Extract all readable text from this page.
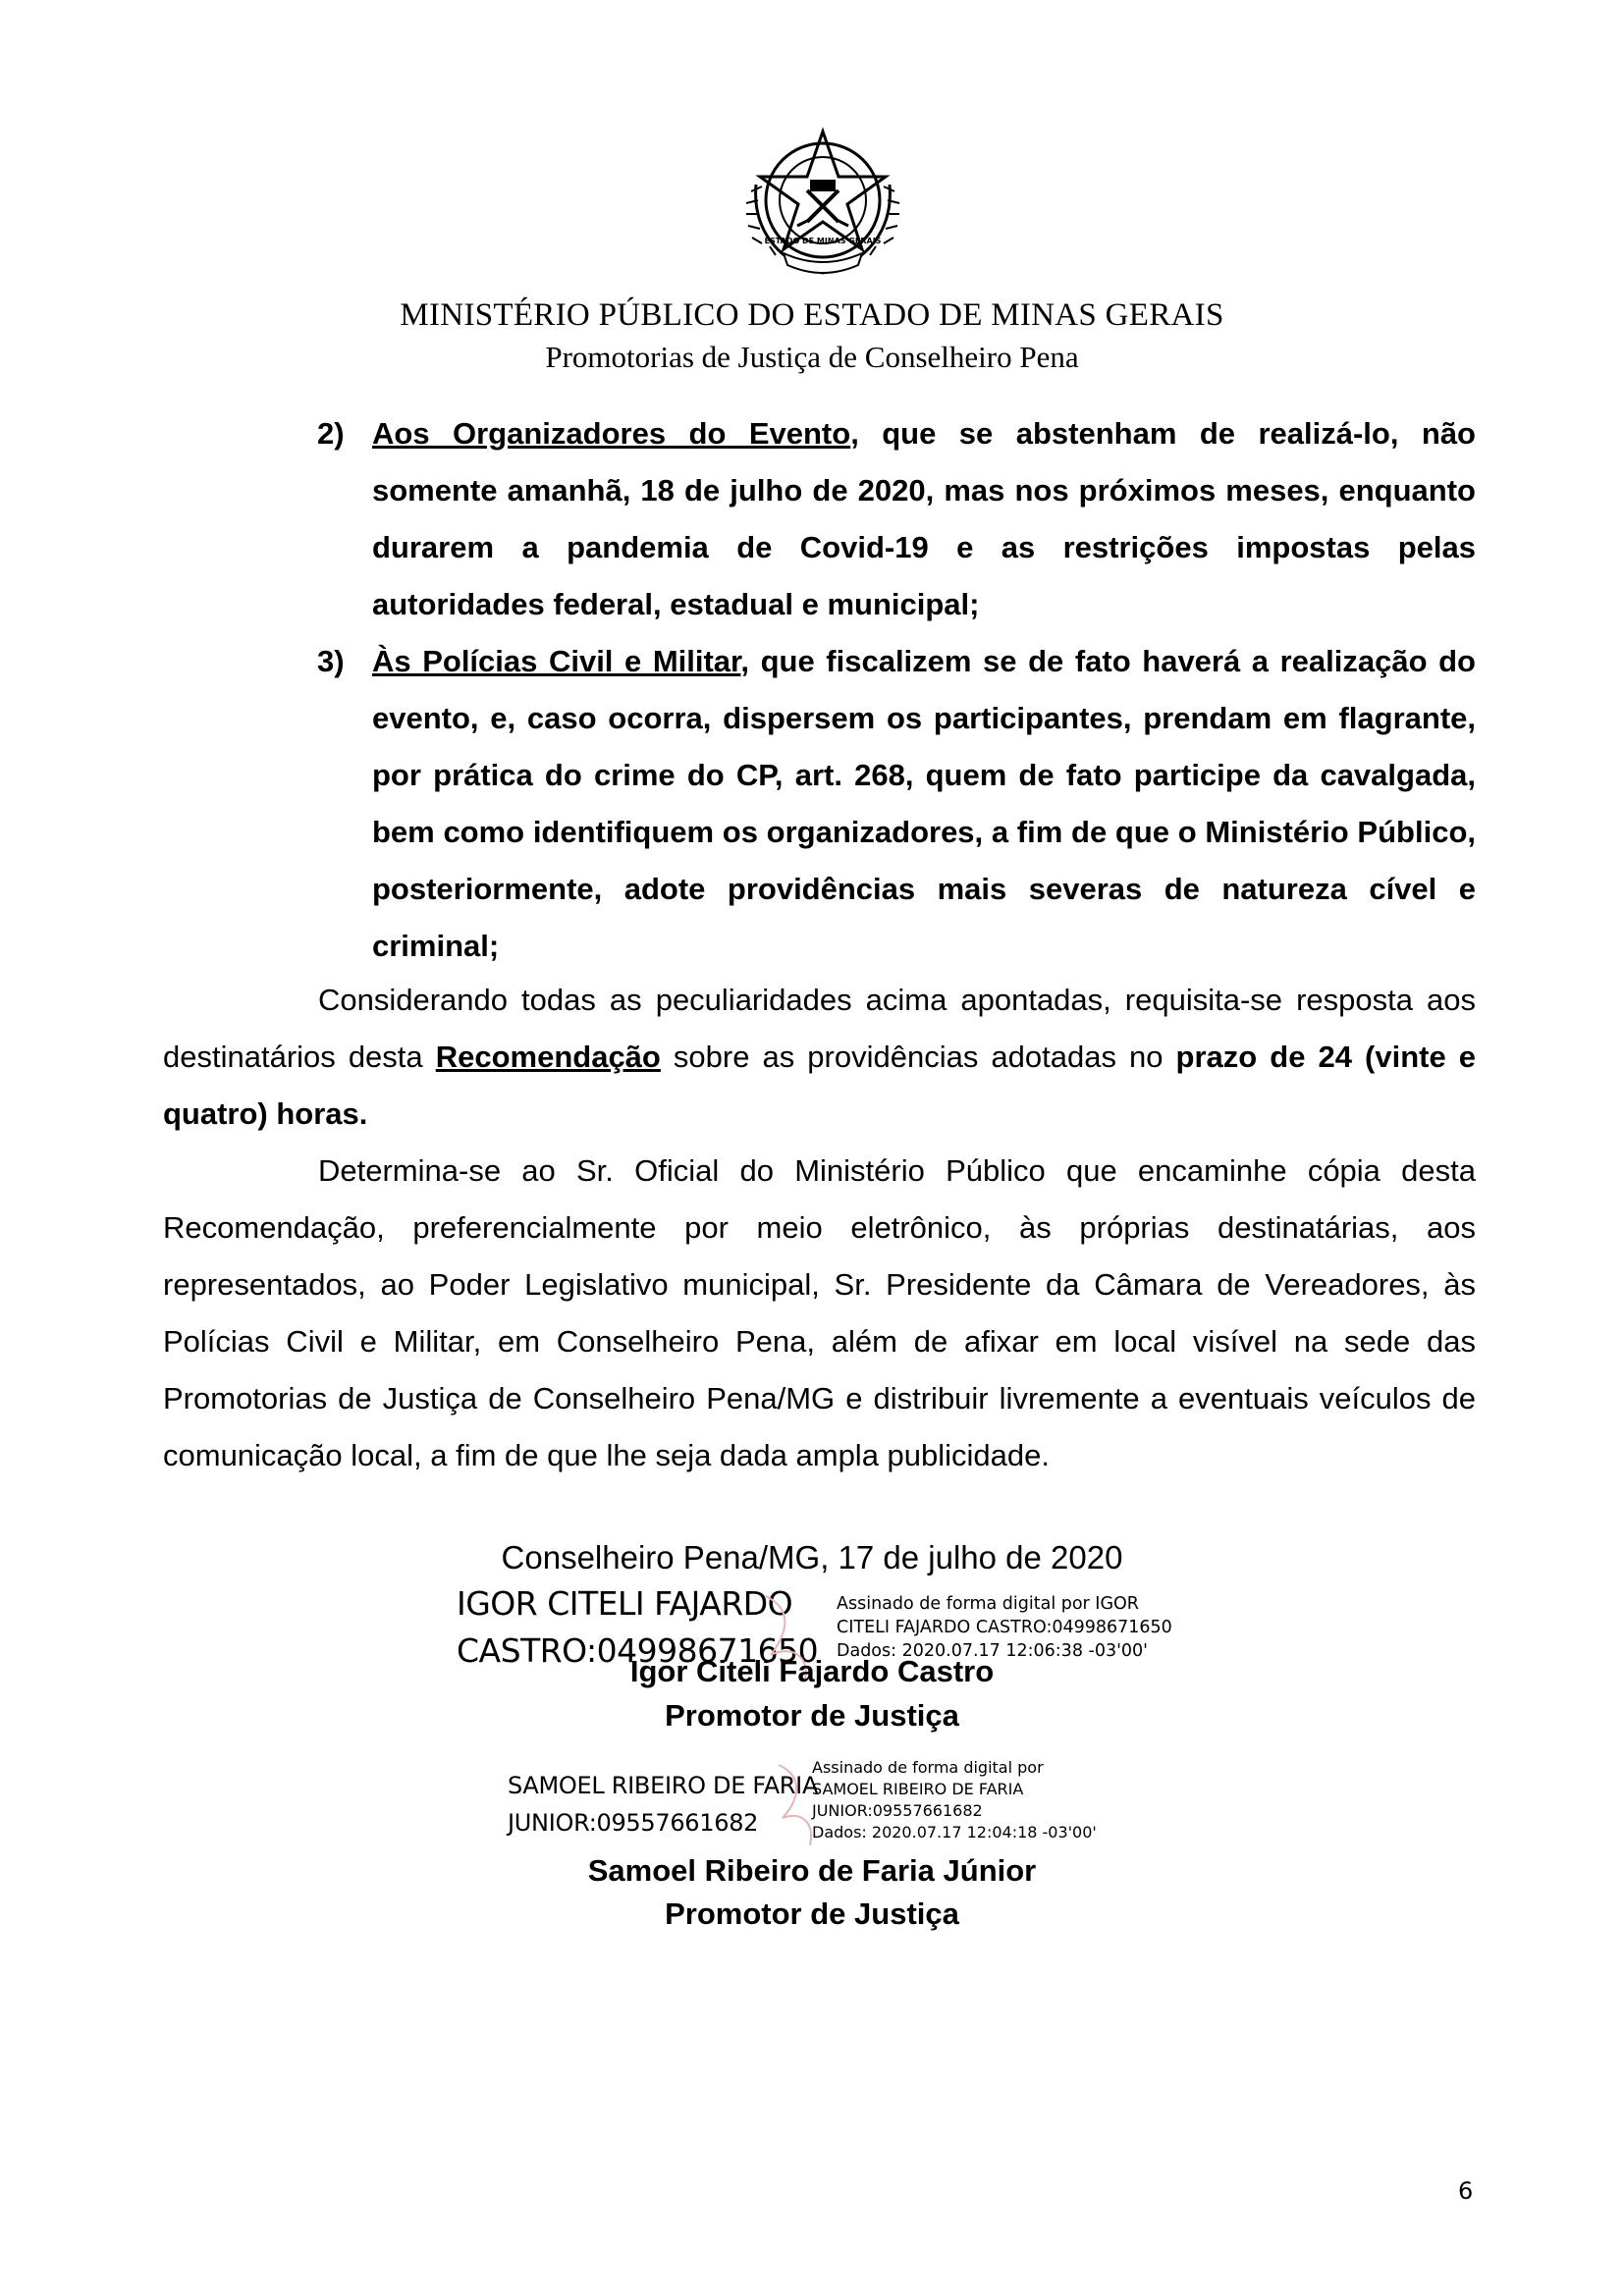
ESTADO DE MINAS GERAIS
MINISTÉRIO PÚBLICO DO ESTADO DE MINAS GERAIS
Promotorias de Justiça de Conselheiro Pena
2) Aos Organizadores do Evento, que se abstenham de realizá-lo, não somente amanhã, 18 de julho de 2020, mas nos próximos meses, enquanto durarem a pandemia de Covid-19 e as restrições impostas pelas autoridades federal, estadual e municipal;
3) Às Polícias Civil e Militar, que fiscalizem se de fato haverá a realização do evento, e, caso ocorra, dispersem os participantes, prendam em flagrante, por prática do crime do CP, art. 268, quem de fato participe da cavalgada, bem como identifiquem os organizadores, a fim de que o Ministério Público, posteriormente, adote providências mais severas de natureza cível e criminal;
Considerando todas as peculiaridades acima apontadas, requisita-se resposta aos destinatários desta Recomendação sobre as providências adotadas no prazo de 24 (vinte e quatro) horas.
Determina-se ao Sr. Oficial do Ministério Público que encaminhe cópia desta Recomendação, preferencialmente por meio eletrônico, às próprias destinatárias, aos representados, ao Poder Legislativo municipal, Sr. Presidente da Câmara de Vereadores, às Polícias Civil e Militar, em Conselheiro Pena, além de afixar em local visível na sede das Promotorias de Justiça de Conselheiro Pena/MG e distribuir livremente a eventuais veículos de comunicação local, a fim de que lhe seja dada ampla publicidade.
Conselheiro Pena/MG, 17 de julho de 2020
IGOR CITELI FAJARDO
CASTRO:04998671650
Assinado de forma digital por IGOR
CITELI FAJARDO CASTRO:04998671650
Dados: 2020.07.17 12:06:38 -03'00'
Igor Citeli Fajardo Castro
Promotor de Justiça
SAMOEL RIBEIRO DE FARIA
JUNIOR:09557661682
Assinado de forma digital por
SAMOEL RIBEIRO DE FARIA
JUNIOR:09557661682
Dados: 2020.07.17 12:04:18 -03'00'
Samoel Ribeiro de Faria Júnior
Promotor de Justiça
6
